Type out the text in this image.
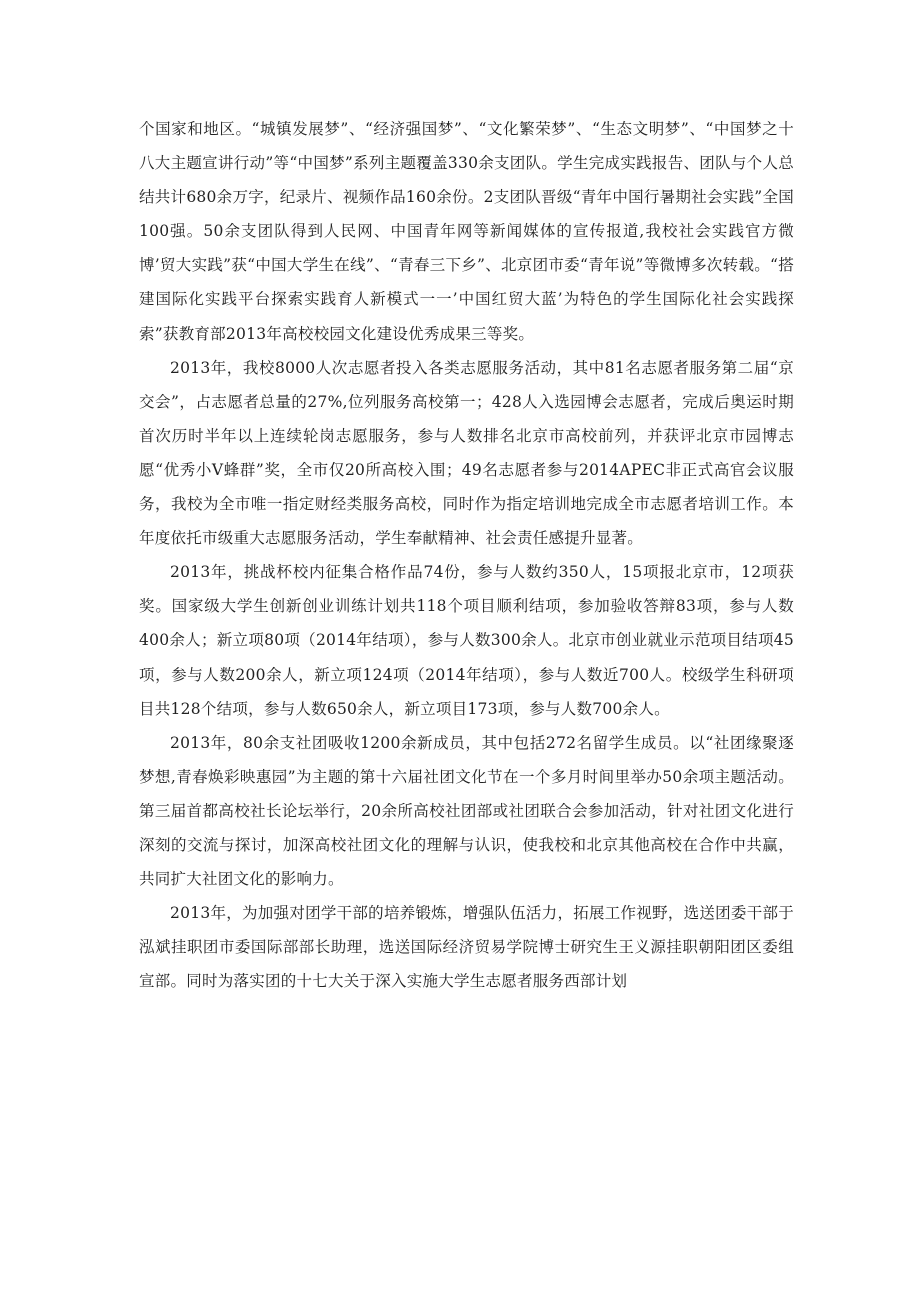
个国家和地区。“城镇发展梦”、“经济强国梦”、“文化繁荣梦”、“生态文明梦”、“中国梦之十八大主题宣讲行动”等“中国梦”系列主题覆盖330余支团队。学生完成实践报告、团队与个人总结共计680余万字，纪录片、视频作品160余份。2支团队晋级“青年中国行暑期社会实践”全国100强。50余支团队得到人民网、中国青年网等新闻媒体的宣传报道,我校社会实践官方微博’贸大实践”获“中国大学生在线”、“青春三下乡”、北京团市委“青年说”等微博多次转载。“搭建国际化实践平台探索实践育人新模式一一’中国红贸大蓝’为特色的学生国际化社会实践探索”获教育部2013年高校校园文化建设优秀成果三等奖。

2013年，我校8000人次志愿者投入各类志愿服务活动，其中81名志愿者服务第二届“京交会”，占志愿者总量的27%,位列服务高校第一；428人入选园博会志愿者，完成后奥运时期首次历时半年以上连续轮岗志愿服务，参与人数排名北京市高校前列，并获评北京市园博志愿“优秀小V蜂群”奖，全市仅20所高校入围；49名志愿者参与2014APEC非正式高官会议服务，我校为全市唯一指定财经类服务高校，同时作为指定培训地完成全市志愿者培训工作。本年度依托市级重大志愿服务活动，学生奉献精神、社会责任感提升显著。

2013年，挑战杯校内征集合格作品74份，参与人数约350人，15项报北京市，12项获奖。国家级大学生创新创业训练计划共118个项目顺利结项，参加验收答辩83项，参与人数400余人；新立项80项（2014年结项），参与人数300余人。北京市创业就业示范项目结项45项，参与人数200余人，新立项124项（2014年结项），参与人数近700人。校级学生科研项目共128个结项，参与人数650余人，新立项目173项，参与人数700余人。

2013年，80余支社团吸收1200余新成员，其中包括272名留学生成员。以“社团缘聚逐梦想,青春焕彩映惠园”为主题的第十六届社团文化节在一个多月时间里举办50余项主题活动。第三届首都高校社长论坛举行，20余所高校社团部或社团联合会参加活动，针对社团文化进行深刻的交流与探讨，加深高校社团文化的理解与认识，使我校和北京其他高校在合作中共赢，共同扩大社团文化的影响力。

2013年，为加强对团学干部的培养锻炼，增强队伍活力，拓展工作视野，选送团委干部于泓斌挂职团市委国际部部长助理，选送国际经济贸易学院博士研究生王义源挂职朝阳团区委组宣部。同时为落实团的十七大关于深入实施大学生志愿者服务西部计划
